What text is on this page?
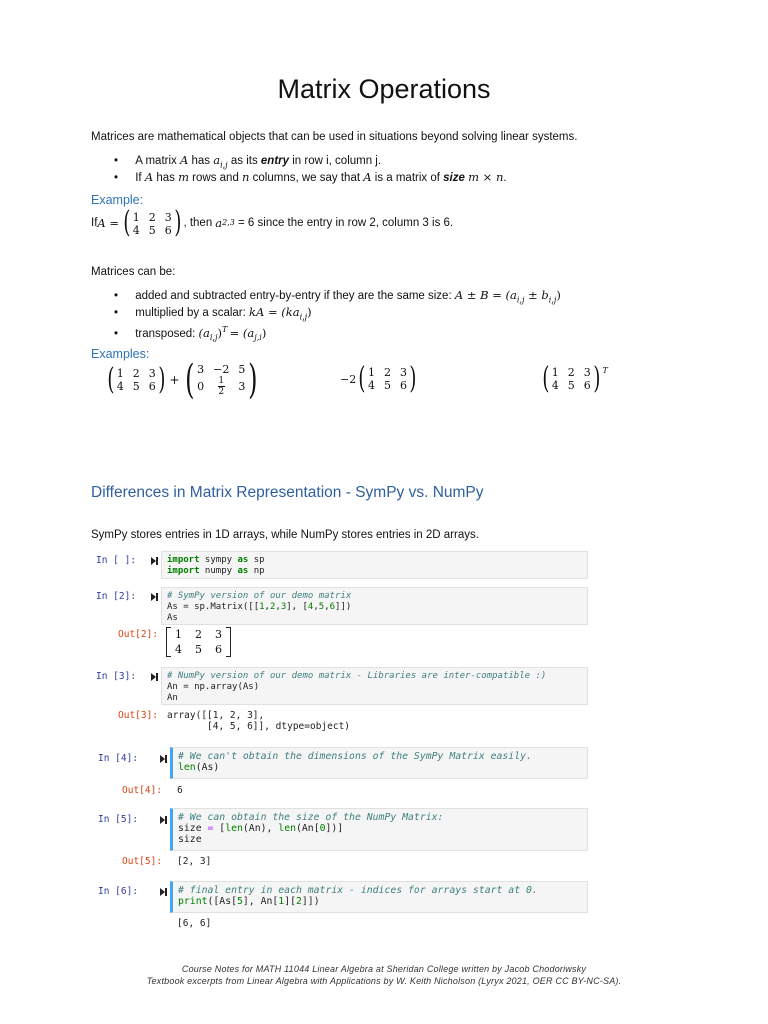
Matrix Operations
Matrices are mathematical objects that can be used in situations beyond solving linear systems.
• A matrix A has $a_{i,j}$ as its entry in row i, column j.
• If A has m rows and n columns, we say that A is a matrix of size m × n.
Example:
If A = ( 1 2 3
4 5 6 ) , then a 2,3 = 6 since the entry in row 2, column 3 is 6.
Matrices can be:
• added and subtracted entry-by-entry if they are the same size: $A \pm B = (a_{i,j} \pm b_{i,j})$
• multiplied by a scalar: kA = $(ka_{i,j})$
• transposed: $(a_{i,j})^T = (a_{j,i})$
Examples:
( 1 2 3
4 5 6 ) + ( 3 −2 5
$0 \frac{1}{2} 3$ )	−2 ( 1 2 3
4 5 6 )	( 1 2 3
4 5 6 ) T
Differences in Matrix Representation - SymPy vs. NumPy
SymPy stores entries in 1D arrays, while NumPy stores entries in 2D arrays.
In [ ]:	import sympy as sp
import numpy as np
In [2]:	# SymPy version of our demo matrix
As = sp.Matrix([[1,2,3], [4,5,6]])
As
Out[2]: 1 2 3
4 5 6
In [3]:	# NumPy version of our demo matrix - Libraries are inter-compatible :)
An = np.array(As)
An
Out[3]: array([[1, 2, 3],
[4, 5, 6]], dtype=object)
In [4]:	# We can't obtain the dimensions of the SymPy Matrix easily.
len(As)
Out[4]: 6
In [5]:	# We can obtain the size of the NumPy Matrix:
size = [len(An), len(An[0])]
size
Out[5]: [2, 3]
In [6]:	# final entry in each matrix - indices for arrays start at 0.
print([As[5], An[1][2]])
[6, 6]
Course Notes for MATH 11044 Linear Algebra at Sheridan College written by Jacob Chodoriwsky
Textbook excerpts from Linear Algebra with Applications by W. Keith Nicholson (Lyryx 2021, OER CC BY-NC-SA).
